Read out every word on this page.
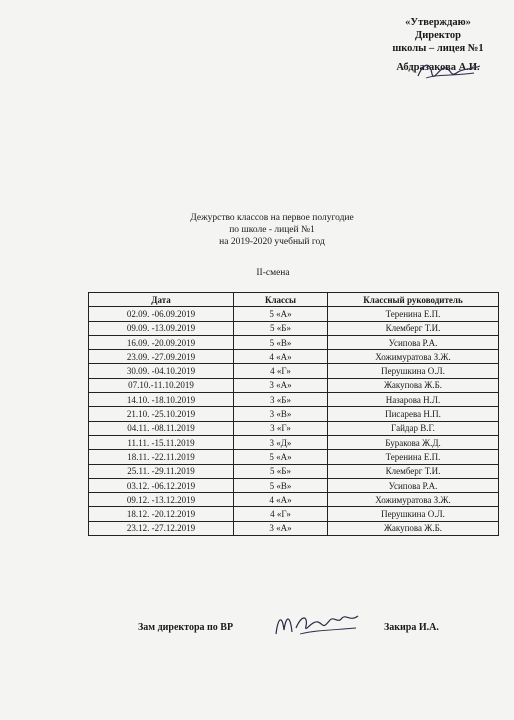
«Утверждаю»
Директор
школы – лицея №1
Абдразакова А.И.
Дежурство классов на первое полугодие
по школе - лицей №1
на 2019-2020 учебный год
II-смена
Дата	Классы	Классный руководитель
02.09. -06.09.2019	5 «А»	Теренина Е.П.
09.09. -13.09.2019	5 «Б»	Клемберг Т.И.
16.09. -20.09.2019	5 «В»	Усипова Р.А.
23.09. -27.09.2019	4 «А»	Хожимуратова З.Ж.
30.09. -04.10.2019	4 «Г»	Перушкина О.Л.
07.10.-11.10.2019	3 «А»	Жакупова Ж.Б.
14.10. -18.10.2019	3 «Б»	Назарова Н.Л.
21.10. -25.10.2019	3 «В»	Писарева Н.П.
04.11. -08.11.2019	3 «Г»	Гайдар В.Г.
11.11. -15.11.2019	3 «Д»	Буракова Ж.Д.
18.11. -22.11.2019	5 «А»	Теренина Е.П.
25.11. -29.11.2019	5 «Б»	Клемберг Т.И.
03.12. -06.12.2019	5 «В»	Усипова Р.А.
09.12. -13.12.2019	4 «А»	Хожимуратова З.Ж.
18.12. -20.12.2019	4 «Г»	Перушкина О.Л.
23.12. -27.12.2019	3 «А»	Жакупова Ж.Б.
Зам директора по ВР	Закира И.А.
